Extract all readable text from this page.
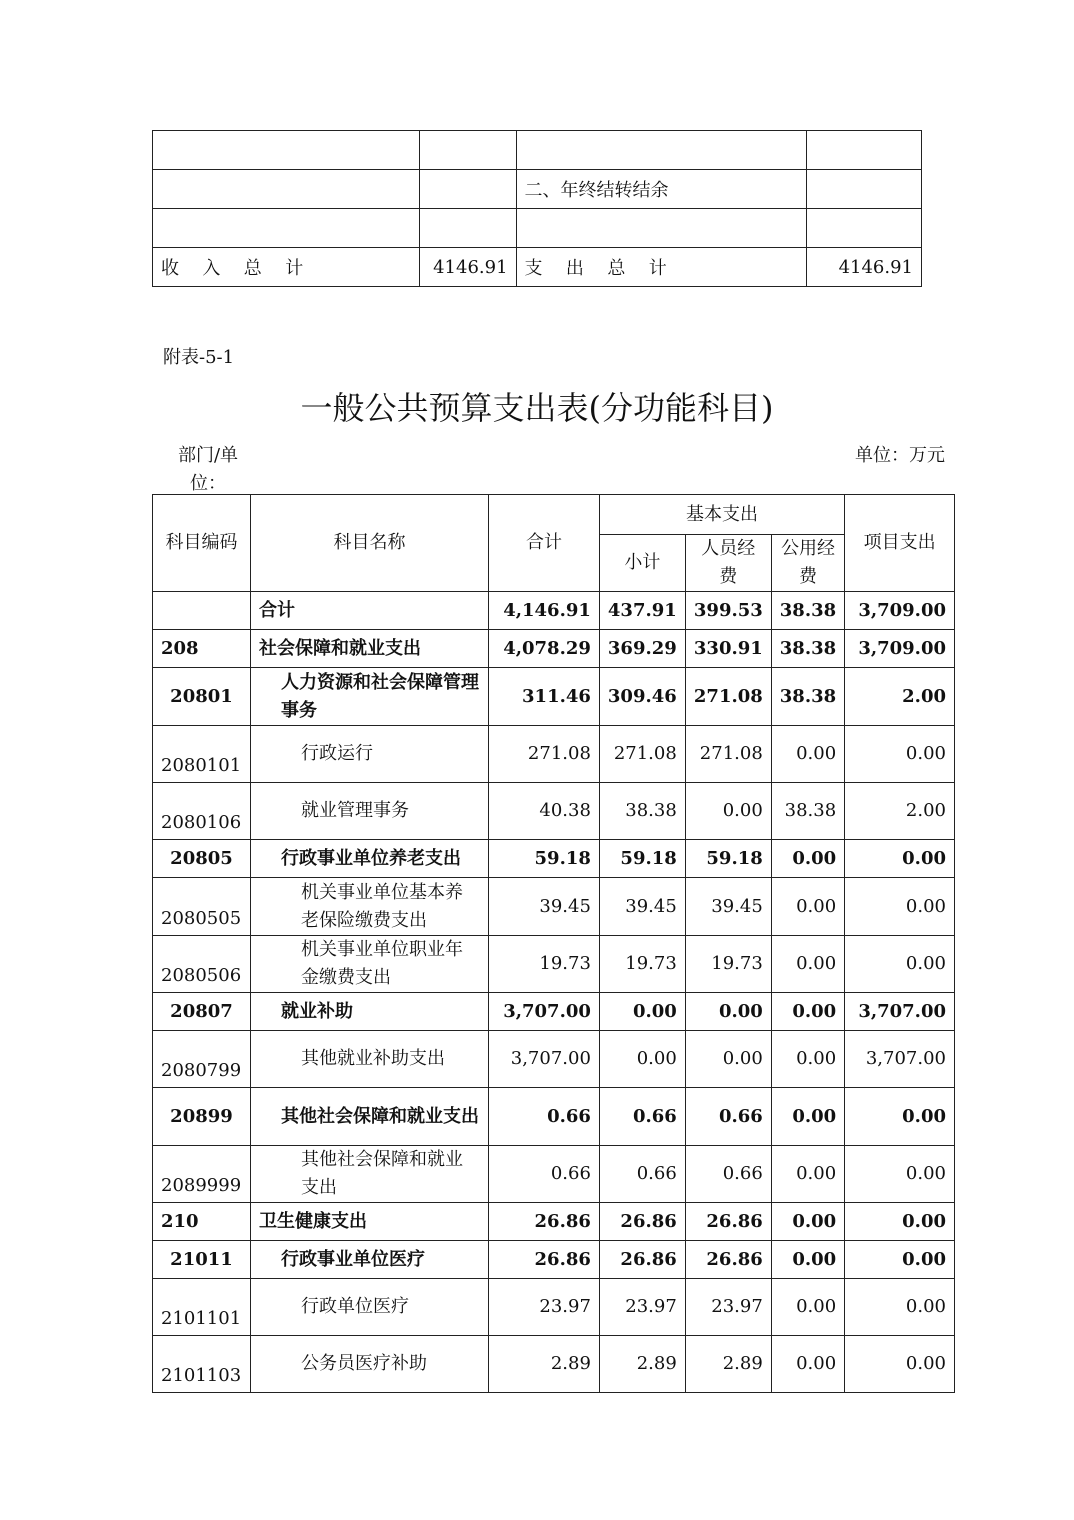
		二、年终结转结余	

收　入　总　计	4146.91	支　出　总　计	4146.91
附表-5-1
一般公共预算支出表(分功能科目)
部门/单位：
单位：万元
科目编码	科目名称	合计	基本支出			项目支出
			小计	人员经费	公用经费	
	合计	4,146.91	437.91	399.53	38.38	3,709.00
208	社会保障和就业支出	4,078.29	369.29	330.91	38.38	3,709.00
20801	人力资源和社会保障管理事务	311.46	309.46	271.08	38.38	2.00
2080101	行政运行	271.08	271.08	271.08	0.00	0.00
2080106	就业管理事务	40.38	38.38	0.00	38.38	2.00
20805	行政事业单位养老支出	59.18	59.18	59.18	0.00	0.00
2080505	机关事业单位基本养老保险缴费支出	39.45	39.45	39.45	0.00	0.00
2080506	机关事业单位职业年金缴费支出	19.73	19.73	19.73	0.00	0.00
20807	就业补助	3,707.00	0.00	0.00	0.00	3,707.00
2080799	其他就业补助支出	3,707.00	0.00	0.00	0.00	3,707.00
20899	其他社会保障和就业支出	0.66	0.66	0.66	0.00	0.00
2089999	其他社会保障和就业支出	0.66	0.66	0.66	0.00	0.00
210	卫生健康支出	26.86	26.86	26.86	0.00	0.00
21011	行政事业单位医疗	26.86	26.86	26.86	0.00	0.00
2101101	行政单位医疗	23.97	23.97	23.97	0.00	0.00
2101103	公务员医疗补助	2.89	2.89	2.89	0.00	0.00
